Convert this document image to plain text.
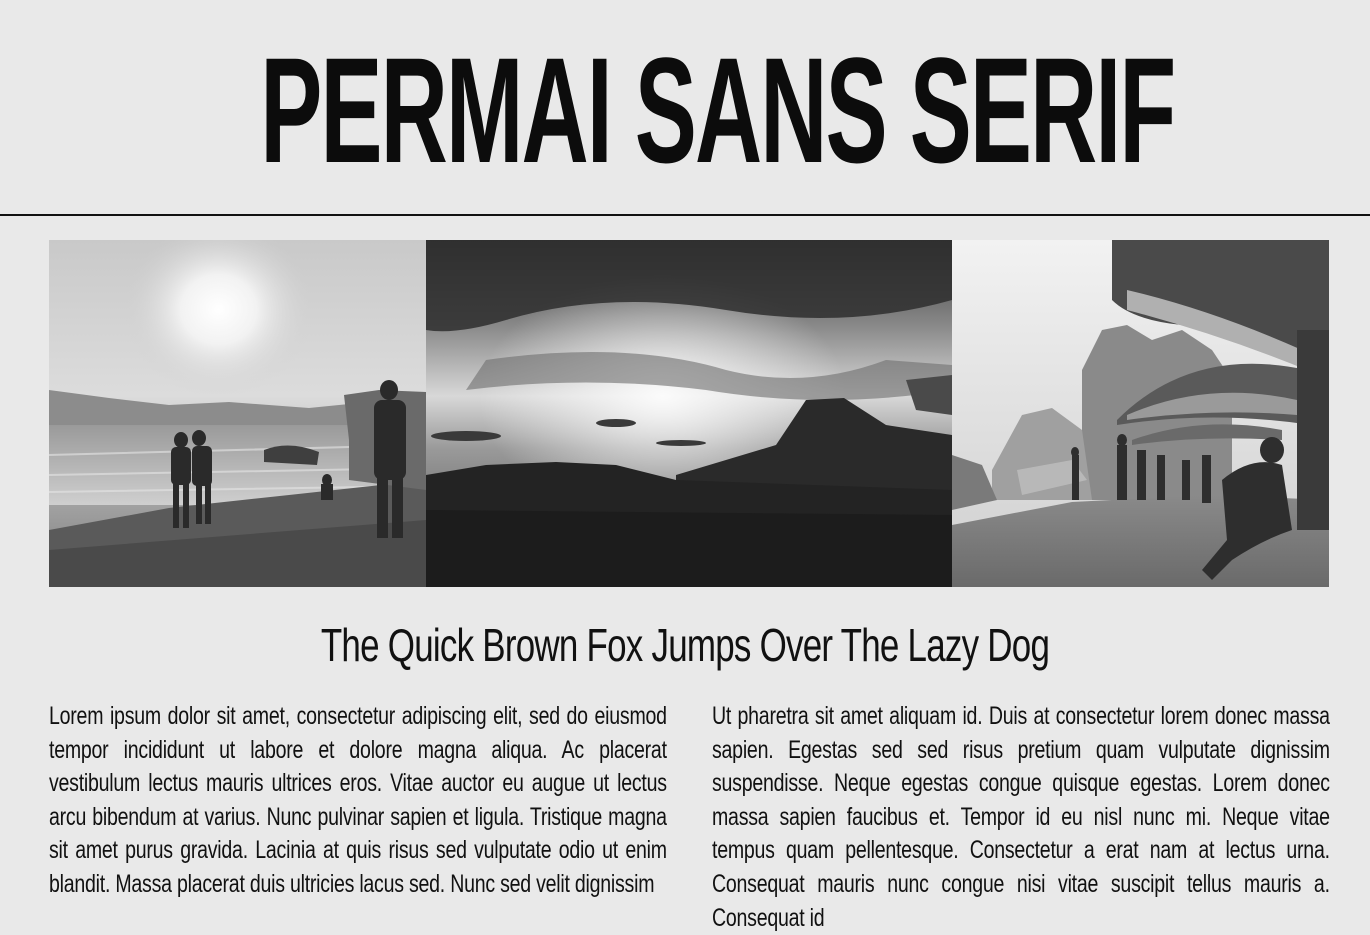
PERMAI SANS SERIF
The Quick Brown Fox Jumps Over The Lazy Dog
Lorem ipsum dolor sit amet, consectetur adipiscing elit, sed do eiusmod tempor incididunt ut labore et dolore magna aliqua. Ac placerat vestibulum lectus mauris ultrices eros. Vitae auctor eu augue ut lectus arcu bibendum at varius. Nunc pulvinar sapien et ligula. Tristique magna sit amet purus gravida. Lacinia at quis risus sed vulputate odio ut enim blandit. Massa placerat duis ultricies lacus sed. Nunc sed velit dignissim
Ut pharetra sit amet aliquam id. Duis at consectetur lorem donec massa sapien. Egestas sed sed risus pretium quam vulputate dignissim suspendisse. Neque egestas congue quisque egestas. Lorem donec massa sapien faucibus et. Tempor id eu nisl nunc mi. Neque vitae tempus quam pellentesque. Consectetur a erat nam at lectus urna. Consequat mauris nunc congue nisi vitae suscipit tellus mauris a. Consequat id
